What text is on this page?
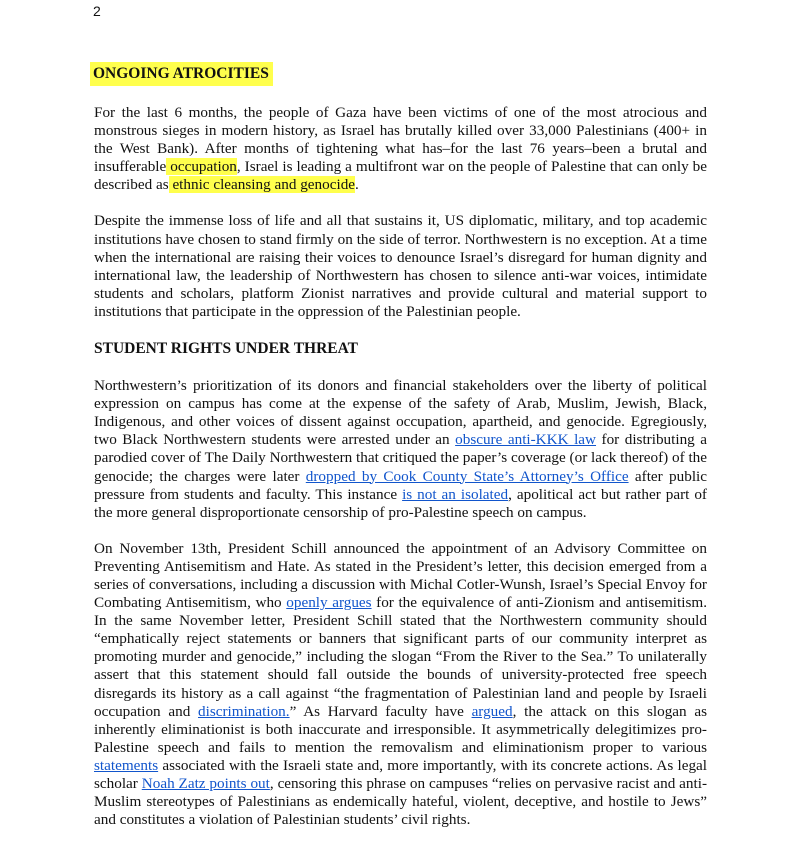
2
ONGOING ATROCITIES

For the last 6 months, the people of Gaza have been victims of one of the most atrocious and monstrous sieges in modern history, as Israel has brutally killed over 33,000 Palestinians (400+ in the West Bank). After months of tightening what has–for the last 76 years–been a brutal and insufferable occupation, Israel is leading a multifront war on the people of Palestine that can only be described as ethnic cleansing and genocide.

Despite the immense loss of life and all that sustains it, US diplomatic, military, and top academic institutions have chosen to stand firmly on the side of terror. Northwestern is no exception. At a time when the international are raising their voices to denounce Israel’s disregard for human dignity and international law, the leadership of Northwestern has chosen to silence anti-war voices, intimidate students and scholars, platform Zionist narratives and provide cultural and material support to institutions that participate in the oppression of the Palestinian people.

STUDENT RIGHTS UNDER THREAT

Northwestern’s prioritization of its donors and financial stakeholders over the liberty of political expression on campus has come at the expense of the safety of Arab, Muslim, Jewish, Black, Indigenous, and other voices of dissent against occupation, apartheid, and genocide. Egregiously, two Black Northwestern students were arrested under an obscure anti-KKK law for distributing a parodied cover of The Daily Northwestern that critiqued the paper’s coverage (or lack thereof) of the genocide; the charges were later dropped by Cook County State’s Attorney’s Office after public pressure from students and faculty. This instance is not an isolated, apolitical act but rather part of the more general disproportionate censorship of pro-Palestine speech on campus.

On November 13th, President Schill announced the appointment of an Advisory Committee on Preventing Antisemitism and Hate. As stated in the President’s letter, this decision emerged from a series of conversations, including a discussion with Michal Cotler-Wunsh, Israel’s Special Envoy for Combating Antisemitism, who openly argues for the equivalence of anti-Zionism and antisemitism. In the same November letter, President Schill stated that the Northwestern community should “emphatically reject statements or banners that significant parts of our community interpret as promoting murder and genocide,” including the slogan “From the River to the Sea.” To unilaterally assert that this statement should fall outside the bounds of university-protected free speech disregards its history as a call against “the fragmentation of Palestinian land and people by Israeli occupation and discrimination.” As Harvard faculty have argued, the attack on this slogan as inherently eliminationist is both inaccurate and irresponsible. It asymmetrically delegitimizes pro-Palestine speech and fails to mention the removalism and eliminationism proper to various statements associated with the Israeli state and, more importantly, with its concrete actions. As legal scholar Noah Zatz points out, censoring this phrase on campuses “relies on pervasive racist and anti-Muslim stereotypes of Palestinians as endemically hateful, violent, deceptive, and hostile to Jews” and constitutes a violation of Palestinian students’ civil rights.
